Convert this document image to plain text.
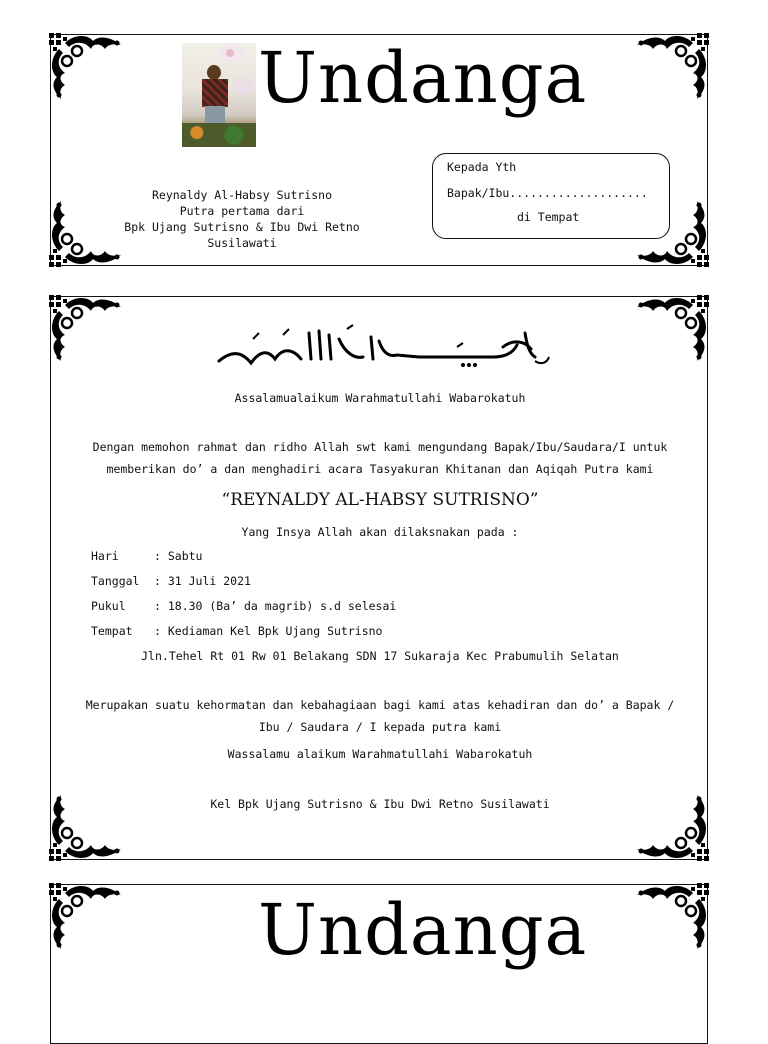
Undanga
Reynaldy Al-Habsy Sutrisno
Putra pertama dari
Bpk Ujang Sutrisno & Ibu Dwi Retno Susilawati
Kepada Yth
Bapak/Ibu....................
di Tempat
Assalamualaikum Warahmatullahi Wabarokatuh
Dengan memohon rahmat dan ridho Allah swt kami mengundang Bapak/Ibu/Saudara/I untuk
memberikan do’ a dan menghadiri acara Tasyakuran Khitanan dan Aqiqah Putra kami
“REYNALDY AL-HABSY SUTRISNO”
Yang Insya Allah akan dilaksnakan pada :
Hari	: Sabtu
Tanggal : 31 Juli 2021
Pukul : 18.30 (Ba’ da magrib) s.d selesai
Tempat : Kediaman Kel Bpk Ujang Sutrisno
Jln.Tehel Rt 01 Rw 01 Belakang SDN 17 Sukaraja Kec Prabumulih Selatan
Merupakan suatu kehormatan dan kebahagiaan bagi kami atas kehadiran dan do’ a Bapak /
Ibu / Saudara / I kepada putra kami
Wassalamu alaikum Warahmatullahi Wabarokatuh
Kel Bpk Ujang Sutrisno & Ibu Dwi Retno Susilawati
Undanga
